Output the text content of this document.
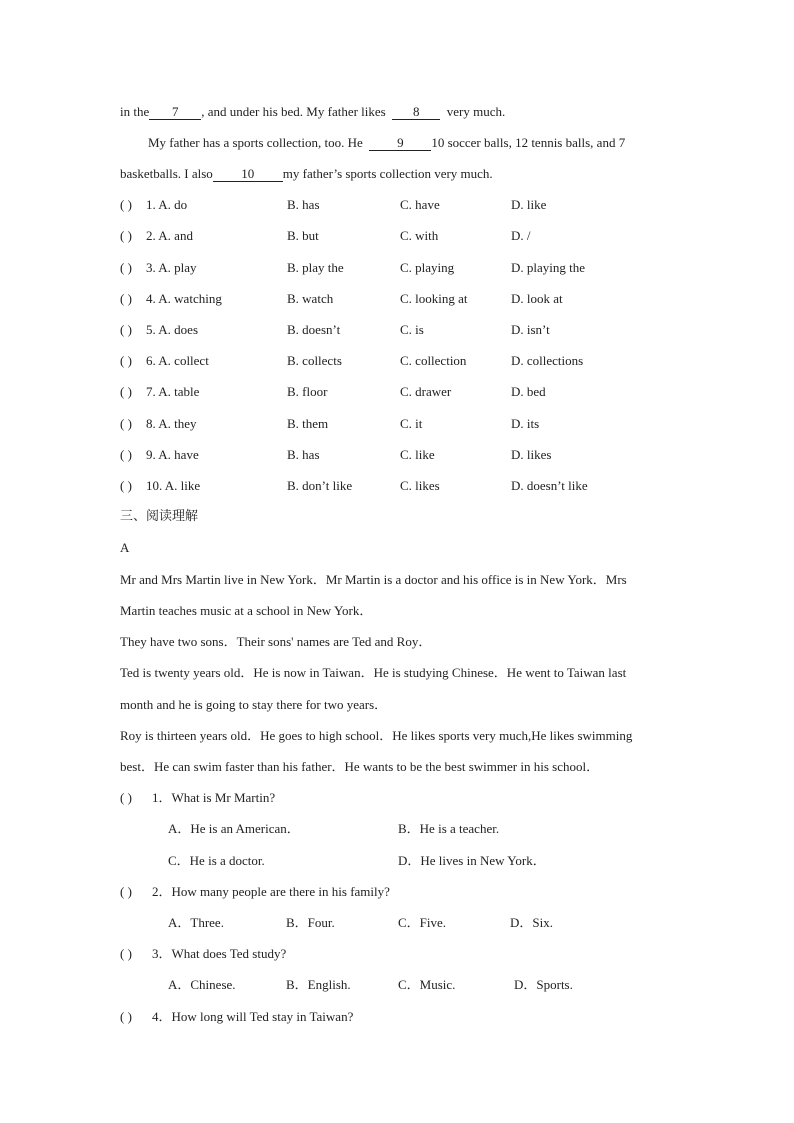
in the 7 , and under his bed. My father likes 8 very much.
My father has a sports collection, too. He	9 10 soccer balls, 12 tennis balls, and 7
basketballs. I also 10 my father’s sports collection very much.
( ) 1. A. do	B. has	C. have	D. like
( ) 2. A. and	B. but	C. with	D. /
( ) 3. A. play	B. play the	C. playing	D. playing the
( ) 4. A. watching	B. watch	C. looking at	D. look at
( ) 5. A. does	B. doesn’t	C. is	D. isn’t
( ) 6. A. collect	B. collects	C. collection	D. collections
( ) 7. A. table	B. floor	C. drawer	D. bed
( ) 8. A. they	B. them	C. it	D. its
( ) 9. A. have	B. has	C. like	D. likes
( ) 10. A. like	B. don’t like	C. likes	D. doesn’t like
三、阅读理解
A
Mr and Mrs Martin live in New York．Mr Martin is a doctor and his office is in New York．Mrs
Martin teaches music at a school in New York．
They have two sons．Their sons' names are Ted and Roy．
Ted is twenty years old．He is now in Taiwan．He is studying Chinese．He went to Taiwan last
month and he is going to stay there for two years．
Roy is thirteen years old．He goes to high school．He likes sports very much,He likes swimming
best．He can swim faster than his father．He wants to be the best swimmer in his school．
( ) 1．What is Mr Martin?
A．He is an American．	B．He is a teacher.
C．He is a doctor.	D．He lives in New York．
( ) 2．How many people are there in his family?
A．Three.	B．Four.	C．Five.	D．Six.
( ) 3．What does Ted study?
A．Chinese.	B．English.	C．Music.	D．Sports.
( ) 4．How long will Ted stay in Taiwan?
